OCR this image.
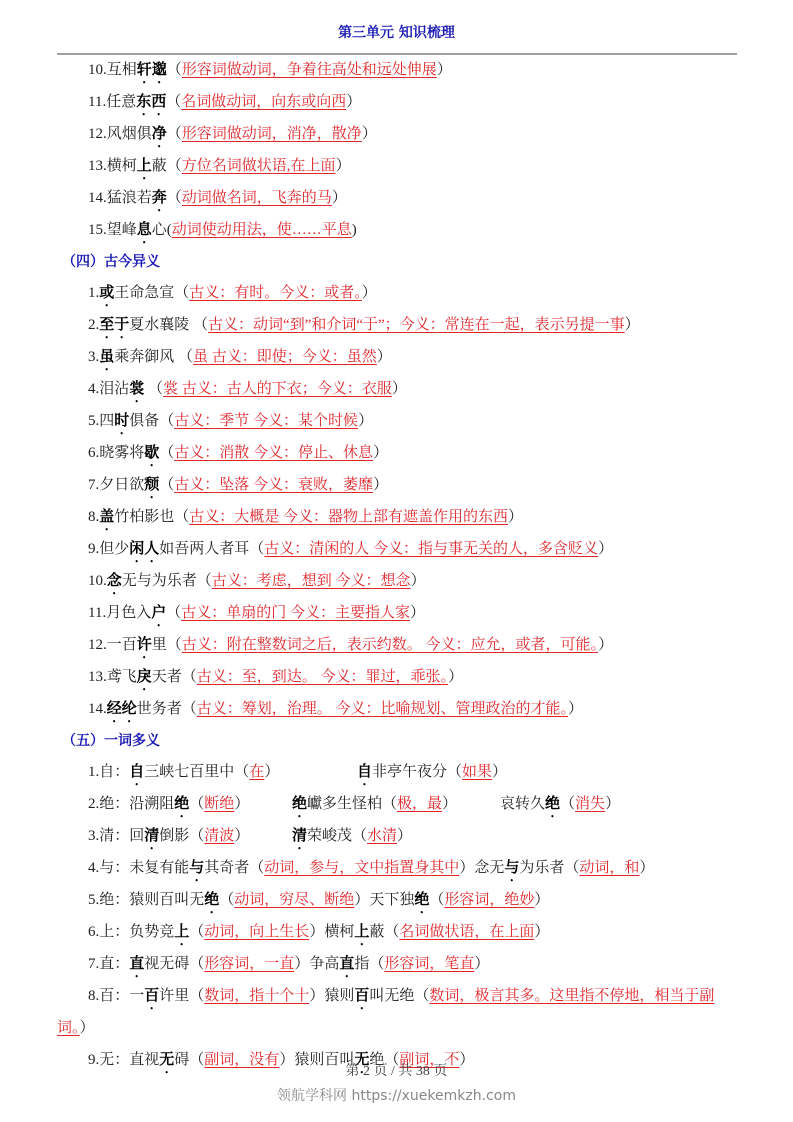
第三单元 知识梳理
10.互相轩邈（形容词做动词，争着往高处和远处伸展）
11.任意东西（名词做动词，向东或向西）
12.风烟俱净（形容词做动词，消净，散净）
13.横柯上蔽（方位名词做状语,在上面）
14.猛浪若奔（动词做名词，飞奔的马）
15.望峰息心(动词使动用法，使……平息)
（四）古今异义
1.或王命急宣（古义：有时。今义：或者。）
2.至于夏水襄陵 （古义：动词“到”和介词“于”；今义：常连在一起，表示另提一事）
3.虽乘奔御风 （虽 古义：即使；今义：虽然）
4.泪沾裳 （裳 古义：古人的下衣；今义：衣服）
5.四时俱备（古义：季节 今义：某个时候）
6.晓雾将歇（古义：消散 今义：停止、休息）
7.夕日欲颓（古义：坠落 今义：衰败，萎靡）
8.盖竹柏影也（古义：大概是 今义：器物上部有遮盖作用的东西）
9.但少闲人如吾两人者耳（古义：清闲的人 今义：指与事无关的人，多含贬义）
10.念无与为乐者（古义：考虑，想到 今义：想念）
11.月色入户（古义：单扇的门 今义：主要指人家）
12.一百许里（古义：附在整数词之后，表示约数。 今义：应允，或者，可能。）
13.鸢飞戾天者（古义：至，到达。 今义：罪过，乖张。）
14.经纶世务者（古义：筹划，治理。 今义：比喻规划、管理政治的才能。）
（五）一词多义
1.自：自三峡七百里中（在）	自非亭午夜分（如果）
2.绝：沿溯阻绝（断绝）	绝巘多生怪柏（极，最）	哀转久绝（消失）
3.清：回清倒影（清波）	清荣峻茂（水清）
4.与：未复有能与其奇者（动词，参与，文中指置身其中）念无与为乐者（动词，和）
5.绝：猿则百叫无绝（动词，穷尽、断绝）天下独绝（形容词，绝妙）
6.上：负势竞上（动词，向上生长）横柯上蔽（名词做状语，在上面）
7.直：直视无碍（形容词，一直）争高直指（形容词，笔直）
8.百：一百许里（数词，指十个十）猿则百叫无绝（数词，极言其多。这里指不停地，相当于副词。）
9.无：直视无碍（副词，没有）猿则百叫无绝（副词，不）
第 2 页 / 共 38 页
领航学科网 https://xuekemkzh.com
